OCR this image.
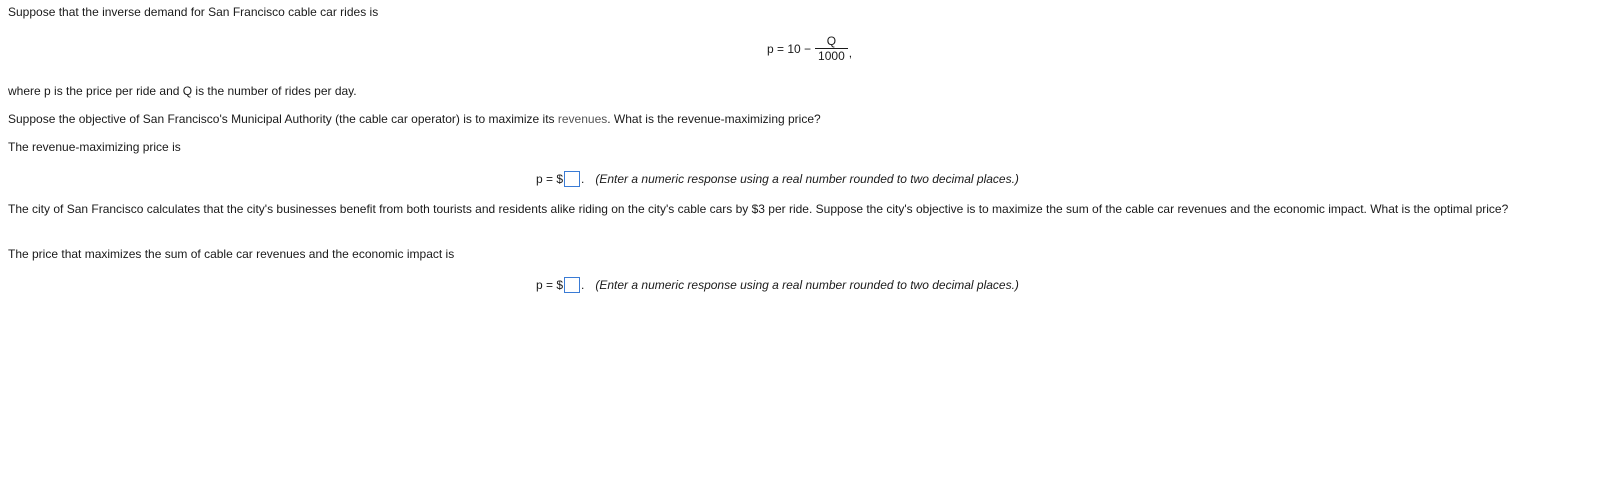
Suppose that the inverse demand for San Francisco cable car rides is
$p = 10 - \frac{Q}{1000}$ ,
where p is the price per ride and Q is the number of rides per day.
Suppose the objective of San Francisco's Municipal Authority (the cable car operator) is to maximize its revenues. What is the revenue-maximizing price?
The revenue-maximizing price is
p = $ . (Enter a numeric response using a real number rounded to two decimal places.)
The city of San Francisco calculates that the city's businesses benefit from both tourists and residents alike riding on the city's cable cars by $3 per ride. Suppose the city's objective is to maximize the sum of the cable car revenues and the economic impact. What is the optimal price?
The price that maximizes the sum of cable car revenues and the economic impact is
p = $ . (Enter a numeric response using a real number rounded to two decimal places.)
